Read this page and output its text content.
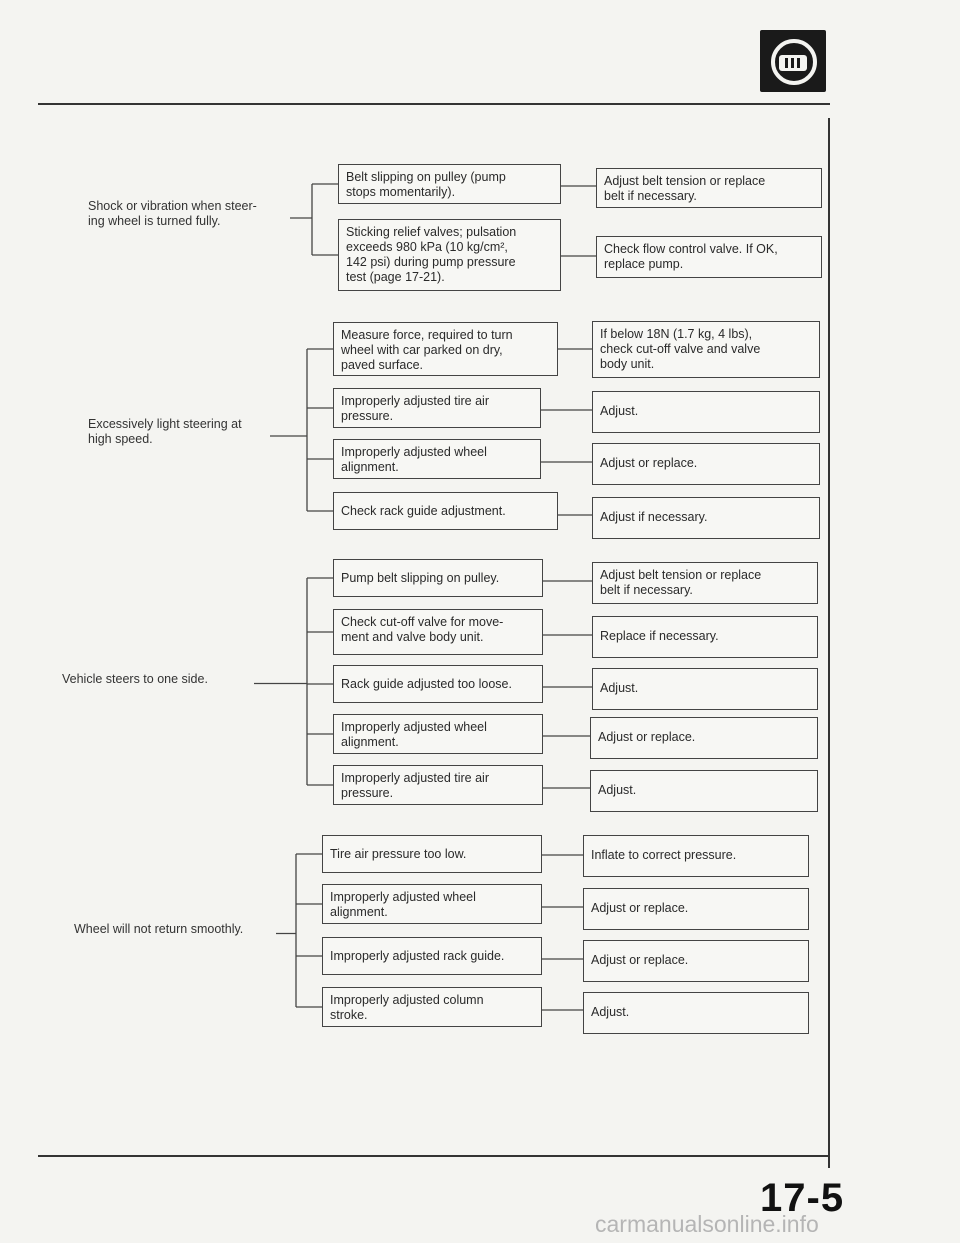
Shock or vibration when steer-
ing wheel is turned fully.
Belt slipping on pulley (pump
stops momentarily).
Adjust belt tension or replace
belt if necessary.
Sticking relief valves; pulsation
exceeds 980 kPa (10 kg/cm²,
142 psi) during pump pressure
test (page 17-21).
Check flow control valve. If OK,
replace pump.
Excessively light steering at
high speed.
Measure force, required to turn
wheel with car parked on dry,
paved surface.
If below 18N (1.7 kg, 4 lbs),
check cut-off valve and valve
body unit.
Improperly adjusted tire air
pressure.	Adjust.
Improperly adjusted wheel
alignment.	Adjust or replace.
Check rack guide adjustment.	Adjust if necessary.
Vehicle steers to one side.
Pump belt slipping on pulley.	Adjust belt tension or replace
belt if necessary.
Check cut-off valve for move-
ment and valve body unit.	Replace if necessary.
Rack guide adjusted too loose.	Adjust.
Improperly adjusted wheel
alignment.	Adjust or replace.
Improperly adjusted tire air
pressure.	Adjust.
Wheel will not return smoothly.
Tire air pressure too low.	Inflate to correct pressure.
Improperly adjusted wheel
alignment.	Adjust or replace.
Improperly adjusted rack guide.	Adjust or replace.
Improperly adjusted column
stroke.	Adjust.
17-5
carmanualsonline.info
